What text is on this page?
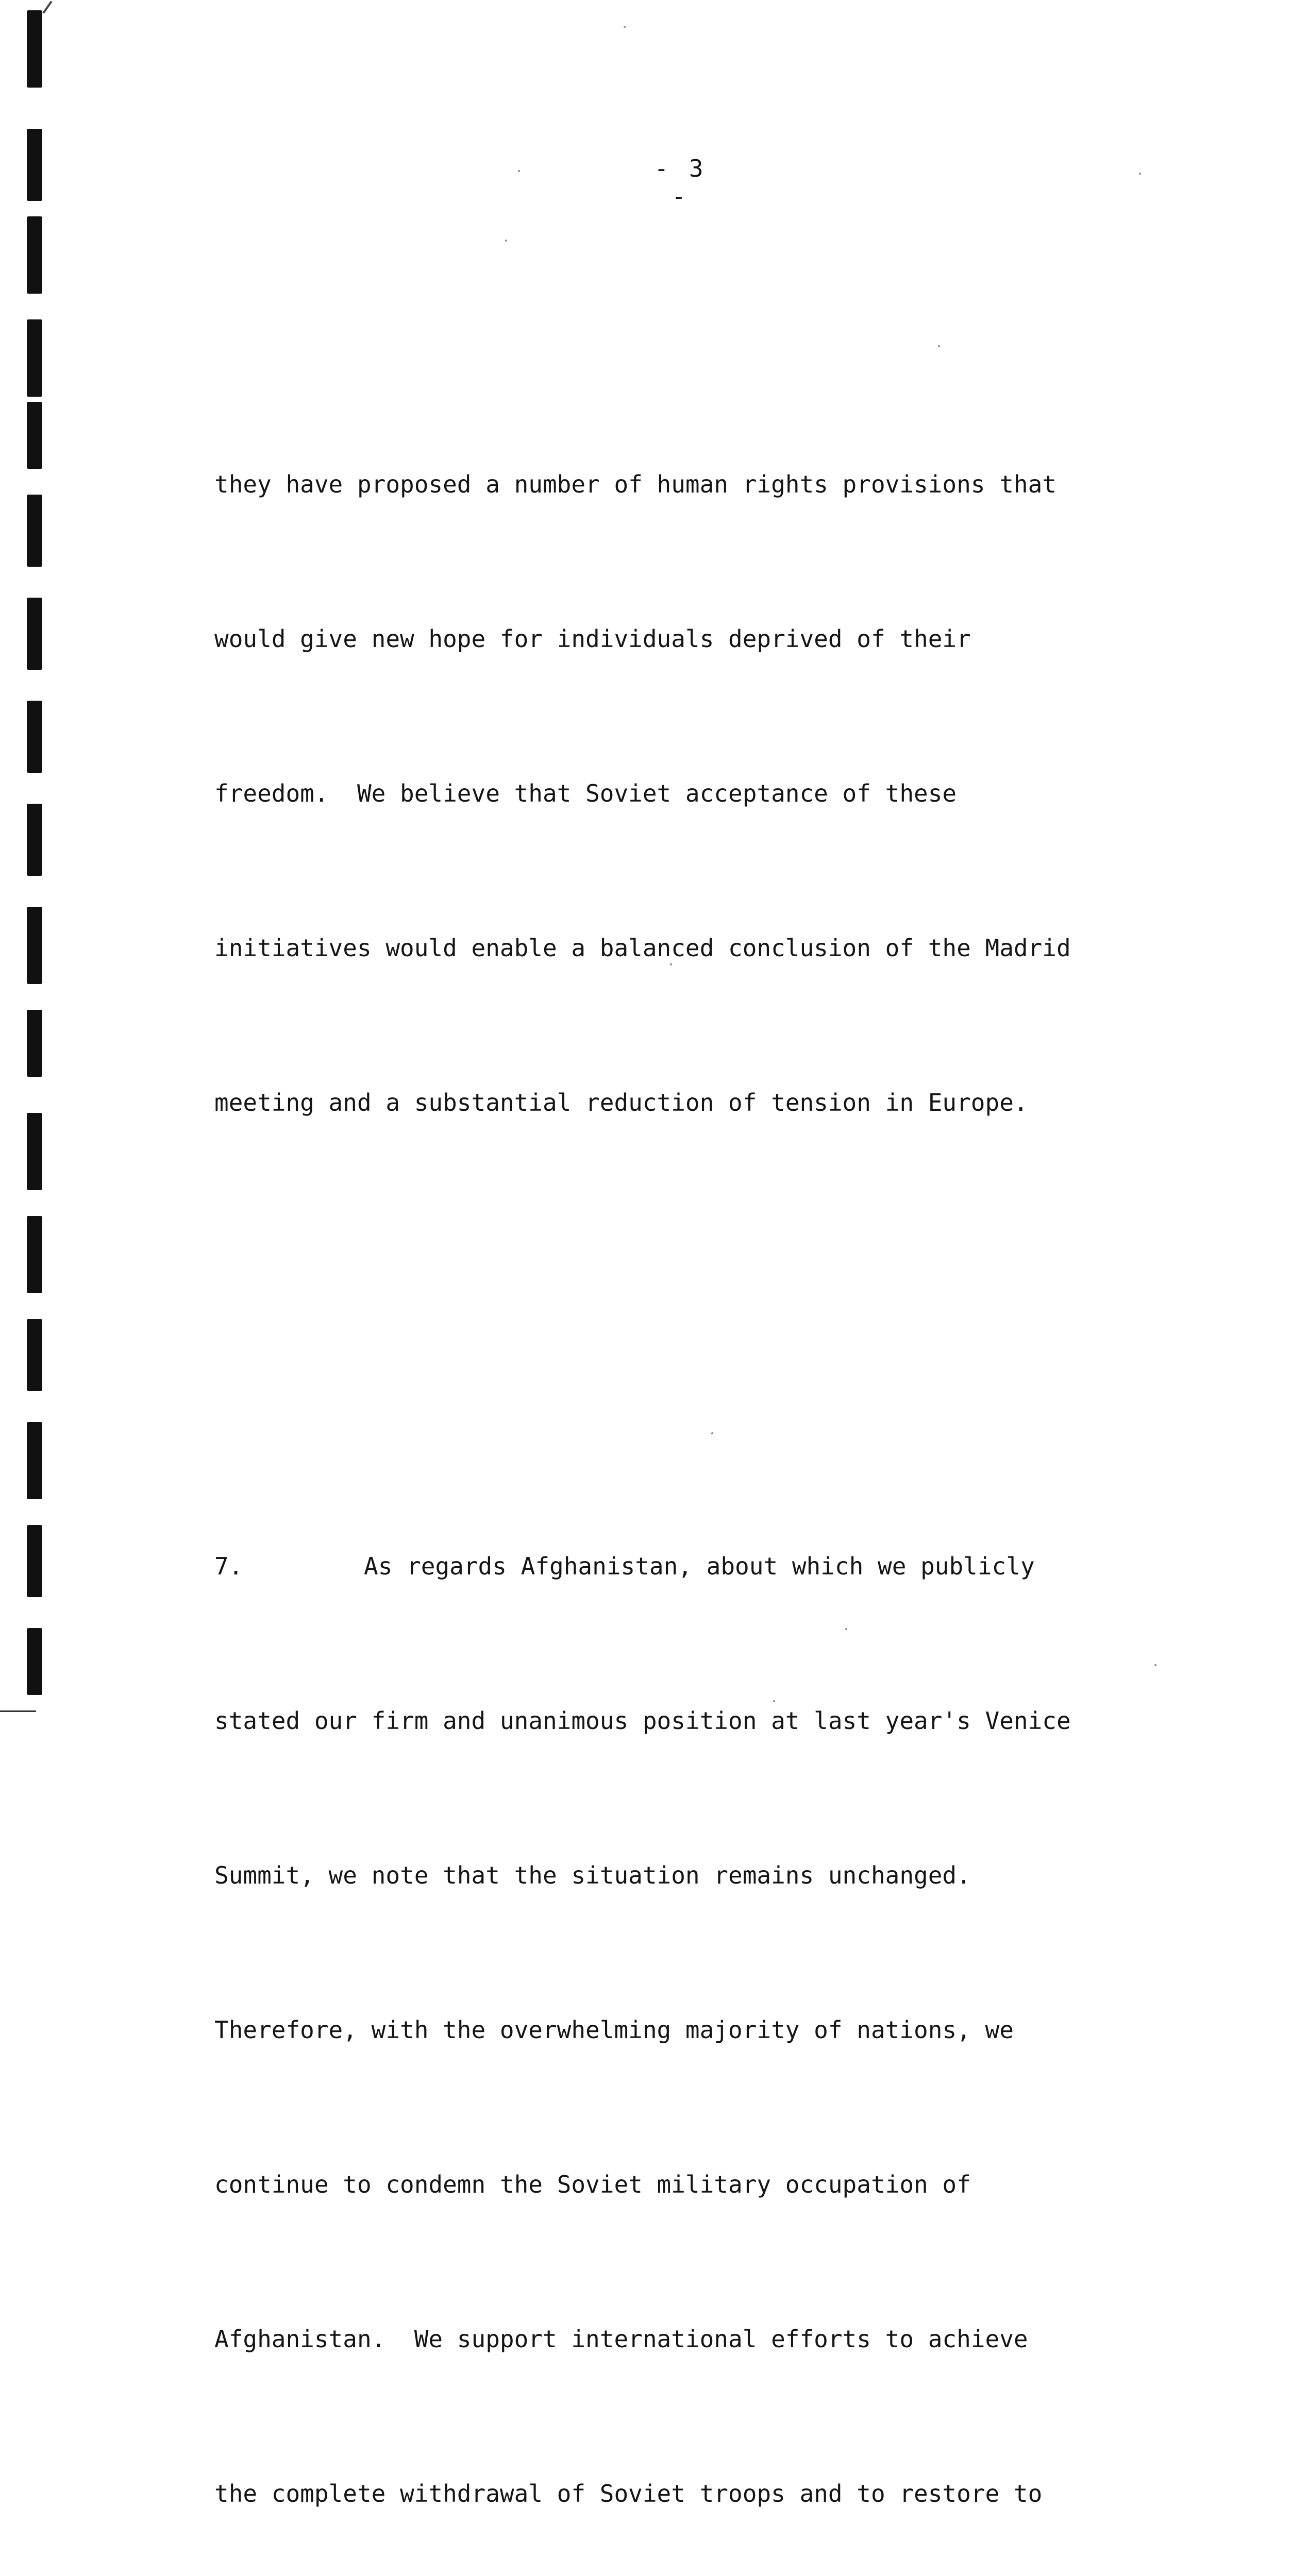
- 3 -

they have proposed a number of human rights provisions that

would give new hope for individuals deprived of their

freedom.  We believe that Soviet acceptance of these

initiatives would enable a balanced conclusion of the Madrid

meeting and a substantial reduction of tension in Europe.

7.	As regards Afghanistan, about which we publicly

stated our firm and unanimous position at last year's Venice

Summit, we note that the situation remains unchanged.

Therefore, with the overwhelming majority of nations, we

continue to condemn the Soviet military occupation of

Afghanistan.  We support international efforts to achieve

the complete withdrawal of Soviet troops and to restore to
